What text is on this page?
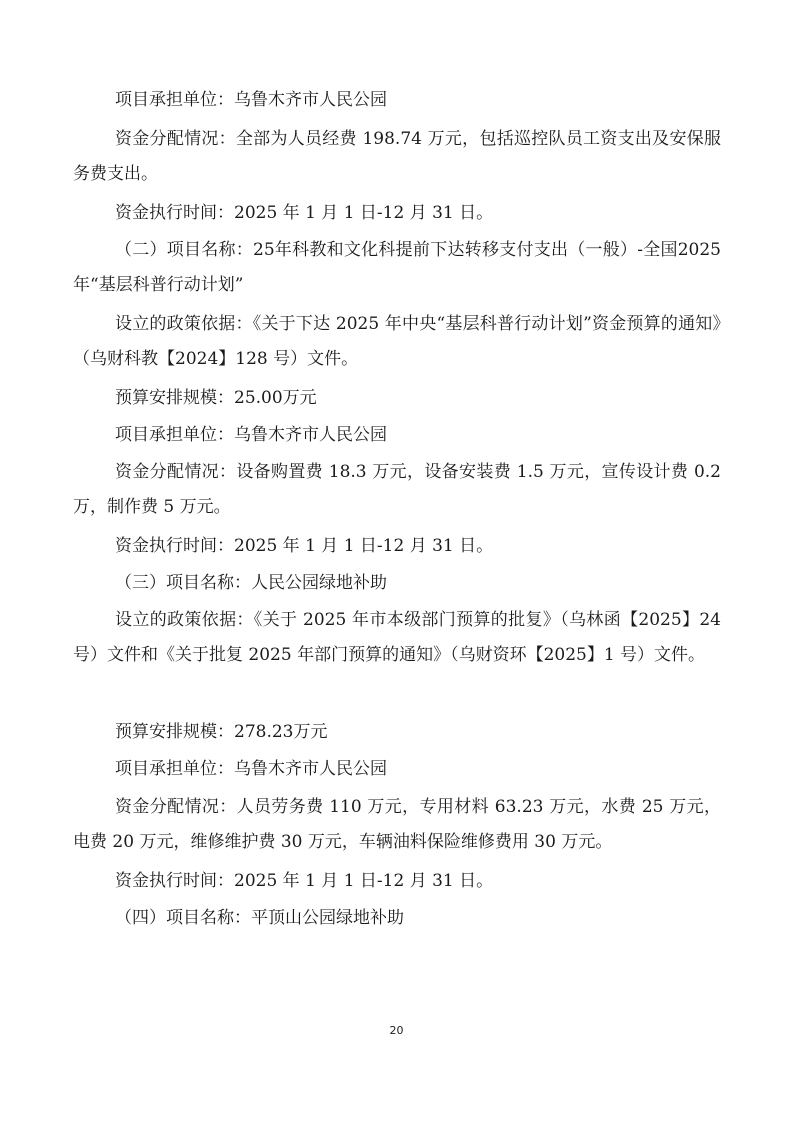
项目承担单位：乌鲁木齐市人民公园

资金分配情况：全部为人员经费 198.74 万元，包括巡控队员工资支出及安保服务费支出。

资金执行时间：2025 年 1 月 1 日-12 月 31 日。

（二）项目名称：25年科教和文化科提前下达转移支付支出（一般）-全国2025年“基层科普行动计划”

设立的政策依据：《关于下达 2025 年中央“基层科普行动计划”资金预算的通知》（乌财科教【2024】128 号）文件。

预算安排规模：25.00万元

项目承担单位：乌鲁木齐市人民公园

资金分配情况：设备购置费 18.3 万元，设备安装费 1.5 万元，宣传设计费 0.2 万，制作费 5 万元。

资金执行时间：2025 年 1 月 1 日-12 月 31 日。

（三）项目名称：人民公园绿地补助

设立的政策依据：《关于 2025 年市本级部门预算的批复》（乌林函【2025】24 号）文件和《关于批复 2025 年部门预算的通知》（乌财资环【2025】1 号）文件。

预算安排规模：278.23万元

项目承担单位：乌鲁木齐市人民公园

资金分配情况：人员劳务费 110 万元，专用材料 63.23 万元，水费 25 万元，电费 20 万元，维修维护费 30 万元，车辆油料保险维修费用 30 万元。

资金执行时间：2025 年 1 月 1 日-12 月 31 日。

（四）项目名称：平顶山公园绿地补助

20
